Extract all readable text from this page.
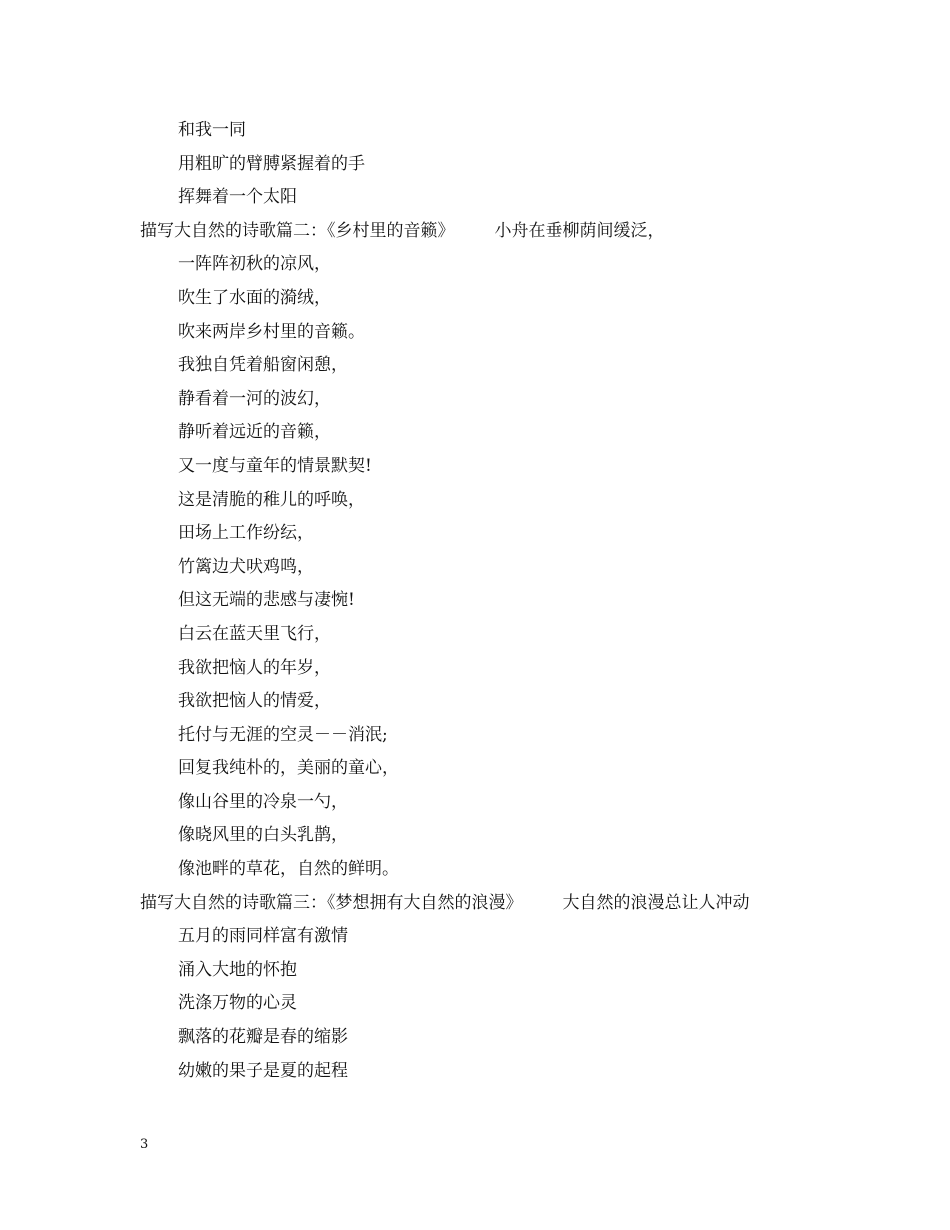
和我一同
用粗旷的臂膊紧握着的手
挥舞着一个太阳
描写大自然的诗歌篇二：《乡村里的音籁》 小舟在垂柳荫间缓泛，
一阵阵初秋的凉风，
吹生了水面的漪绒，
吹来两岸乡村里的音籁。
我独自凭着船窗闲憩，
静看着一河的波幻，
静听着远近的音籁，
又一度与童年的情景默契!
这是清脆的稚儿的呼唤，
田场上工作纷纭，
竹篱边犬吠鸡鸣，
但这无端的悲感与凄惋!
白云在蓝天里飞行，
我欲把恼人的年岁，
我欲把恼人的情爱，
托付与无涯的空灵－－消泯;
回复我纯朴的，美丽的童心，
像山谷里的冷泉一勺，
像晓风里的白头乳鹊，
像池畔的草花，自然的鲜明。
描写大自然的诗歌篇三：《梦想拥有大自然的浪漫》 大自然的浪漫总让人冲动
五月的雨同样富有激情
涌入大地的怀抱
洗涤万物的心灵
飘落的花瓣是春的缩影
幼嫩的果子是夏的起程
3
